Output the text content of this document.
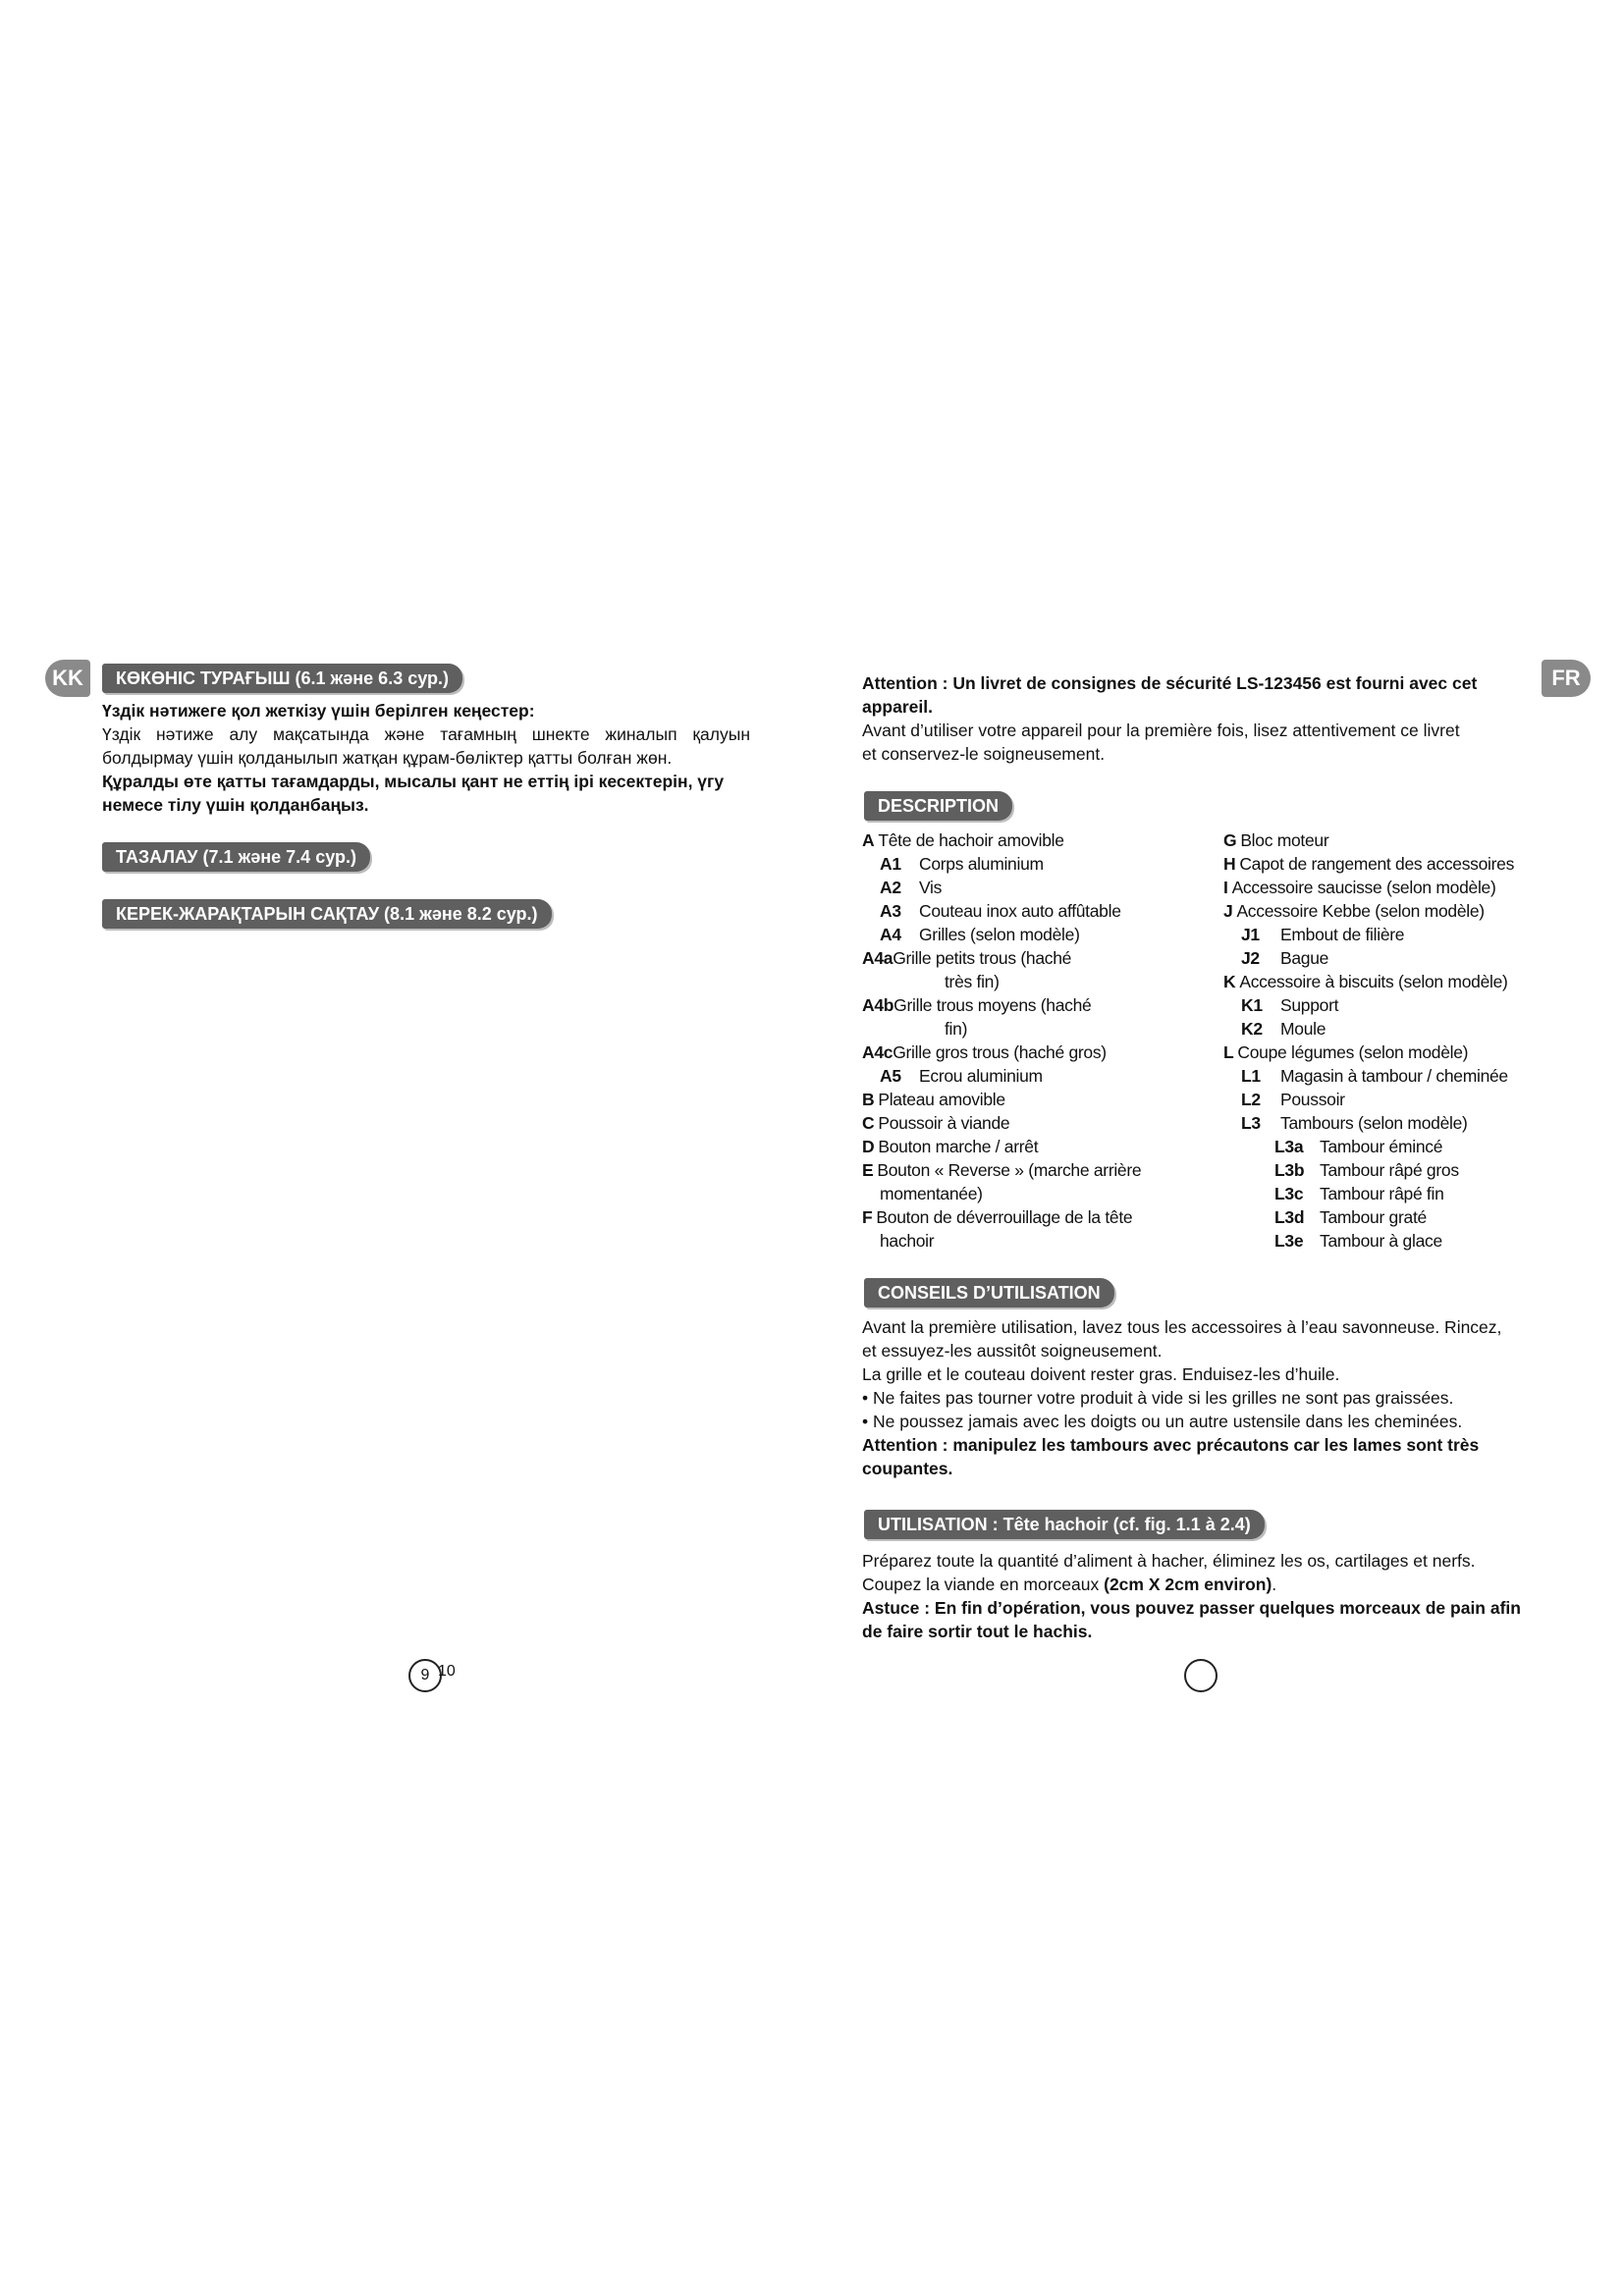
KK	КӨКӨНІС ТУРАҒЫШ (6.1 және 6.3 сур.)

Үздік нәтижеге қол жеткізу үшін берілген кеңестер:

Үздік нәтиже алу мақсатында және тағамның шнекте жиналып қалуын

болдырмау үшін қолданылып жатқан құрам-бөліктер қатты болған жөн.

Құралды өте қатты тағамдарды, мысалы қант не еттің ірі кесектерін, үгу

немесе тілу үшін қолданбаңыз.

ТАЗАЛАУ (7.1 және 7.4 сур.)
КЕРЕК-ЖАРАҚТАРЫН САҚТАУ (8.1 және 8.2 сур.)
9 10
FR

Attention : Un livret de consignes de sécurité LS-123456 est fourni avec cet

appareil.

Avant d’utiliser votre appareil pour la première fois, lisez attentivement ce livret

et conservez-le soigneusement.

DESCRIPTION
A Tête de hachoir amovible
A1 Corps aluminium
A2 Vis
A3 Couteau inox auto affûtable
A4 Grilles (selon modèle)
A4aGrille petits trous (haché
très fin)
A4bGrille trous moyens (haché
fin)
A4cGrille gros trous (haché gros)
A5 Ecrou aluminium
B Plateau amovible
C Poussoir à viande
D Bouton marche / arrêt
E Bouton « Reverse » (marche arrière
momentanée)
F Bouton de déverrouillage de la tête
hachoir
G Bloc moteur
H Capot de rangement des accessoires
I Accessoire saucisse (selon modèle)
J Accessoire Kebbe (selon modèle)
J1 Embout de filière
J2 Bague
K Accessoire à biscuits (selon modèle)
K1 Support
K2 Moule
L Coupe légumes (selon modèle)
L1 Magasin à tambour / cheminée
L2 Poussoir
L3 Tambours (selon modèle)
L3a Tambour émincé
L3b Tambour râpé gros
L3c Tambour râpé fin
L3d Tambour graté
L3e Tambour à glace
CONSEILS D’UTILISATION

Avant la première utilisation, lavez tous les accessoires à l’eau savonneuse. Rincez,

et essuyez-les aussitôt soigneusement.

La grille et le couteau doivent rester gras. Enduisez-les d’huile.

• Ne faites pas tourner votre produit à vide si les grilles ne sont pas graissées.

• Ne poussez jamais avec les doigts ou un autre ustensile dans les cheminées.

Attention : manipulez les tambours avec précautons car les lames sont très

coupantes.

UTILISATION : Tête hachoir (cf. fig. 1.1 à 2.4)

Préparez toute la quantité d’aliment à hacher, éliminez les os, cartilages et nerfs.

Coupez la viande en morceaux (2cm X 2cm environ).

Astuce : En fin d’opération, vous pouvez passer quelques morceaux de pain afin

de faire sortir tout le hachis.
